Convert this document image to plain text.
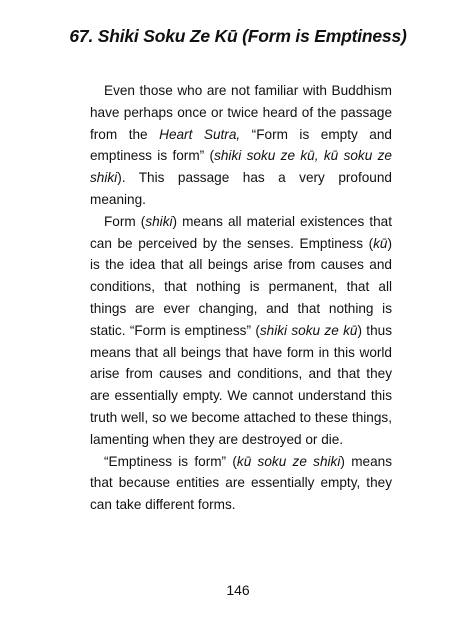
67. Shiki Soku Ze Kū (Form is Emptiness)

Even those who are not familiar with Buddhism have perhaps once or twice heard of the passage from the Heart Sutra, “Form is empty and emptiness is form” (shiki soku ze kū, kū soku ze shiki). This passage has a very profound meaning.

Form (shiki) means all material existences that can be perceived by the senses. Emptiness (kū) is the idea that all beings arise from causes and conditions, that nothing is permanent, that all things are ever changing, and that nothing is static. “Form is emptiness” (shiki soku ze kū) thus means that all beings that have form in this world arise from causes and conditions, and that they are essentially empty. We cannot understand this truth well, so we become attached to these things, lamenting when they are destroyed or die.

“Emptiness is form” (kū soku ze shiki) means that because entities are essentially empty, they can take different forms.

146
